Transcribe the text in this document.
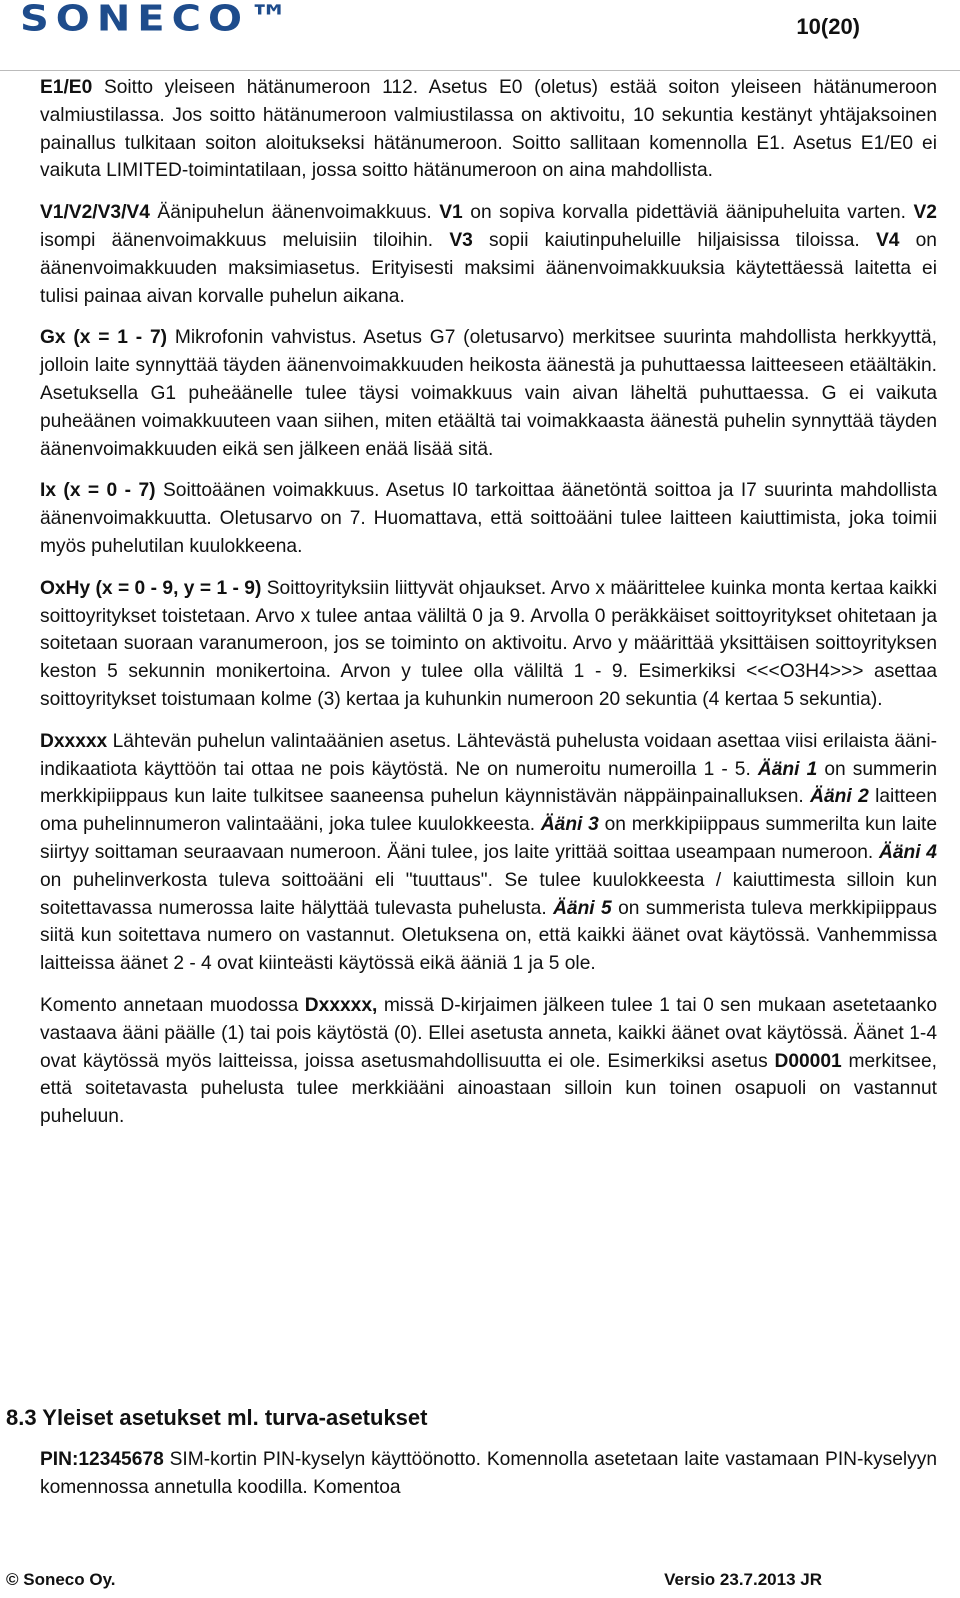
SONECO™	10(20)

E1/E0 Soitto yleiseen hätänumeroon 112. Asetus E0 (oletus) estää soiton yleiseen hätänumeroon valmiustilassa. Jos soitto hätänumeroon valmiustilassa on aktivoitu, 10 sekuntia kestänyt yhtäjaksoinen painallus tulkitaan soiton aloitukseksi hätänumeroon. Soitto sallitaan komennolla E1. Asetus E1/E0 ei vaikuta LIMITED-toimintatilaan, jossa soitto hätänumeroon on aina mahdollista.

V1/V2/V3/V4 Äänipuhelun äänenvoimakkuus. V1 on sopiva korvalla pidettäviä äänipuheluita varten. V2 isompi äänenvoimakkuus meluisiin tiloihin. V3 sopii kaiutinpuheluille hiljaisissa tiloissa. V4 on äänenvoimakkuuden maksimiasetus. Erityisesti maksimi äänenvoimakkuuksia käytettäessä laitetta ei tulisi painaa aivan korvalle puhelun aikana.

Gx (x = 1 - 7) Mikrofonin vahvistus. Asetus G7 (oletusarvo) merkitsee suurinta mahdollista herkkyyttä, jolloin laite synnyttää täyden äänenvoimakkuuden heikosta äänestä ja puhuttaessa laitteeseen etäältäkin. Asetuksella G1 puheäänelle tulee täysi voimakkuus vain aivan läheltä puhuttaessa. G ei vaikuta puheäänen voimakkuuteen vaan siihen, miten etäältä tai voimakkaasta äänestä puhelin synnyttää täyden äänenvoimakkuuden eikä sen jälkeen enää lisää sitä.

Ix (x = 0 - 7) Soittoäänen voimakkuus. Asetus I0 tarkoittaa äänetöntä soittoa ja I7 suurinta mahdollista äänenvoimakkuutta. Oletusarvo on 7. Huomattava, että soittoääni tulee laitteen kaiuttimista, joka toimii myös puhelutilan kuulokkeena.

OxHy (x = 0 - 9, y = 1 - 9) Soittoyrityksiin liittyvät ohjaukset. Arvo x määrittelee kuinka monta kertaa kaikki soittoyritykset toistetaan. Arvo x tulee antaa väliltä 0 ja 9. Arvolla 0 peräkkäiset soittoyritykset ohitetaan ja soitetaan suoraan varanumeroon, jos se toiminto on aktivoitu. Arvo y määrittää yksittäisen soittoyrityksen keston 5 sekunnin monikertoina. Arvon y tulee olla väliltä 1 - 9. Esimerkiksi <<<O3H4>>> asettaa soittoyritykset toistumaan kolme (3) kertaa ja kuhunkin numeroon 20 sekuntia (4 kertaa 5 sekuntia).

Dxxxxx Lähtevän puhelun valintaäänien asetus. Lähtevästä puhelusta voidaan asettaa viisi erilaista ääni-indikaatiota käyttöön tai ottaa ne pois käytöstä. Ne on numeroitu numeroilla 1 - 5. Ääni 1 on summerin merkkipiippaus kun laite tulkitsee saaneensa puhelun käynnistävän näppäinpainalluksen. Ääni 2 laitteen oma puhelinnumeron valintaääni, joka tulee kuulokkeesta. Ääni 3 on merkkipiippaus summerilta kun laite siirtyy soittaman seuraavaan numeroon. Ääni tulee, jos laite yrittää soittaa useampaan numeroon. Ääni 4 on puhelinverkosta tuleva soittoääni eli "tuuttaus". Se tulee kuulokkeesta / kaiuttimesta silloin kun soitettavassa numerossa laite hälyttää tulevasta puhelusta. Ääni 5 on summerista tuleva merkkipiippaus siitä kun soitettava numero on vastannut. Oletuksena on, että kaikki äänet ovat käytössä. Vanhemmissa laitteissa äänet 2 - 4 ovat kiinteästi käytössä eikä ääniä 1 ja 5 ole.

Komento annetaan muodossa Dxxxxx, missä D-kirjaimen jälkeen tulee 1 tai 0 sen mukaan asetetaanko vastaava ääni päälle (1) tai pois käytöstä (0). Ellei asetusta anneta, kaikki äänet ovat käytössä. Äänet 1-4 ovat käytössä myös laitteissa, joissa asetusmahdollisuutta ei ole. Esimerkiksi asetus D00001 merkitsee, että soitetavasta puhelusta tulee merkkiääni ainoastaan silloin kun toinen osapuoli on vastannut puheluun.

8.3 Yleiset asetukset ml. turva-asetukset

PIN:12345678 SIM-kortin PIN-kyselyn käyttöönotto. Komennolla asetetaan laite vastamaan PIN-kyselyyn komennossa annetulla koodilla. Komentoa

© Soneco Oy.	Versio 23.7.2013 JR
